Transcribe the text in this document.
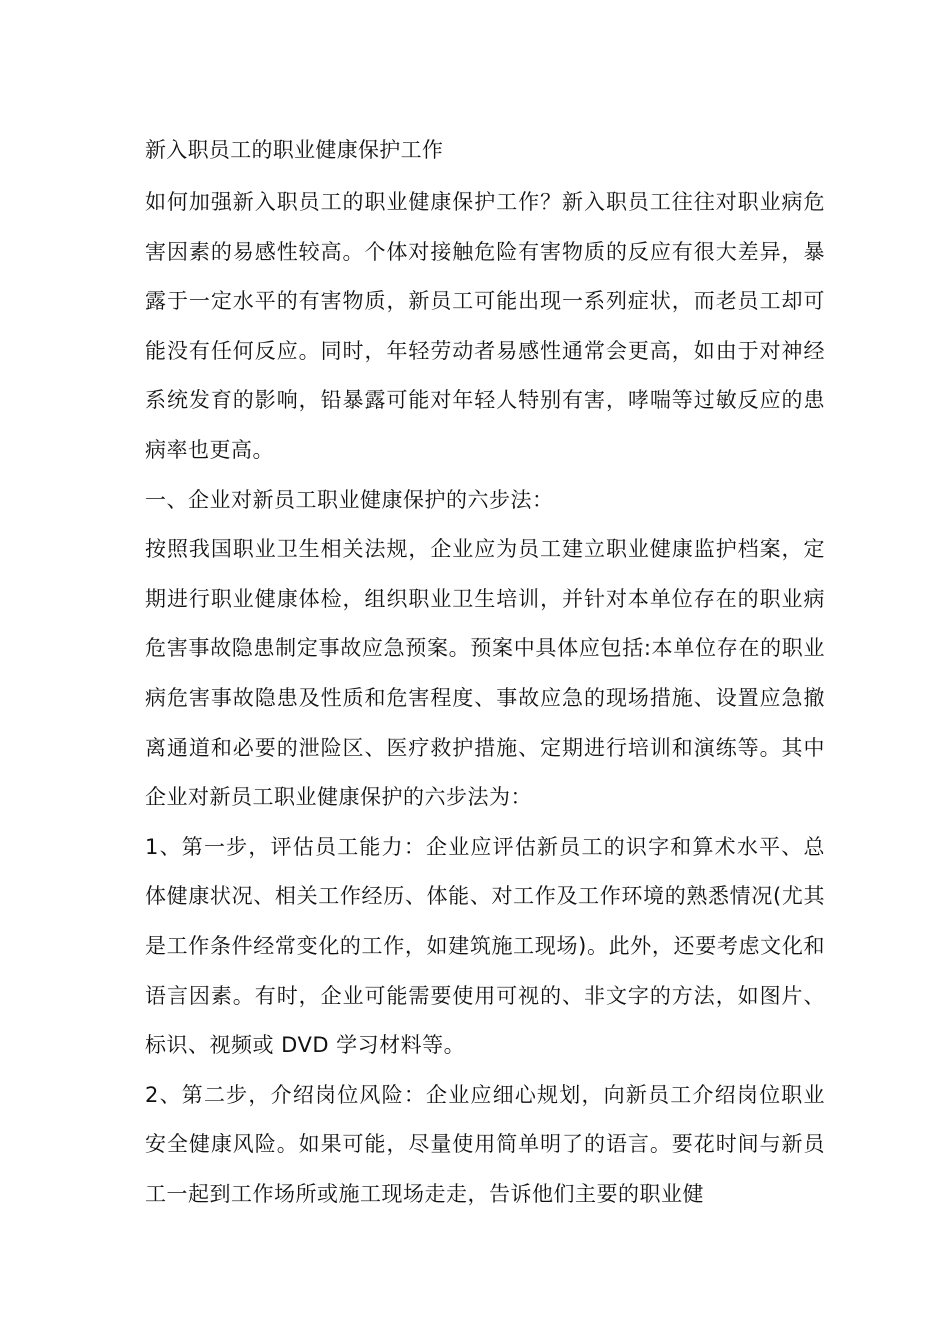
新入职员工的职业健康保护工作

如何加强新入职员工的职业健康保护工作？新入职员工往往对职业病危害因素的易感性较高。个体对接触危险有害物质的反应有很大差异，暴露于一定水平的有害物质，新员工可能出现一系列症状，而老员工却可能没有任何反应。同时，年轻劳动者易感性通常会更高，如由于对神经系统发育的影响，铅暴露可能对年轻人特别有害，哮喘等过敏反应的患病率也更高。

一、企业对新员工职业健康保护的六步法：

按照我国职业卫生相关法规，企业应为员工建立职业健康监护档案，定期进行职业健康体检，组织职业卫生培训，并针对本单位存在的职业病危害事故隐患制定事故应急预案。预案中具体应包括:本单位存在的职业病危害事故隐患及性质和危害程度、事故应急的现场措施、设置应急撤离通道和必要的泄险区、医疗救护措施、定期进行培训和演练等。其中企业对新员工职业健康保护的六步法为：

1、第一步，评估员工能力：企业应评估新员工的识字和算术水平、总体健康状况、相关工作经历、体能、对工作及工作环境的熟悉情况(尤其是工作条件经常变化的工作，如建筑施工现场)。此外，还要考虑文化和语言因素。有时，企业可能需要使用可视的、非文字的方法，如图片、标识、视频或 DVD 学习材料等。

2、第二步，介绍岗位风险：企业应细心规划，向新员工介绍岗位职业安全健康风险。如果可能，尽量使用简单明了的语言。要花时间与新员工一起到工作场所或施工现场走走，告诉他们主要的职业健
